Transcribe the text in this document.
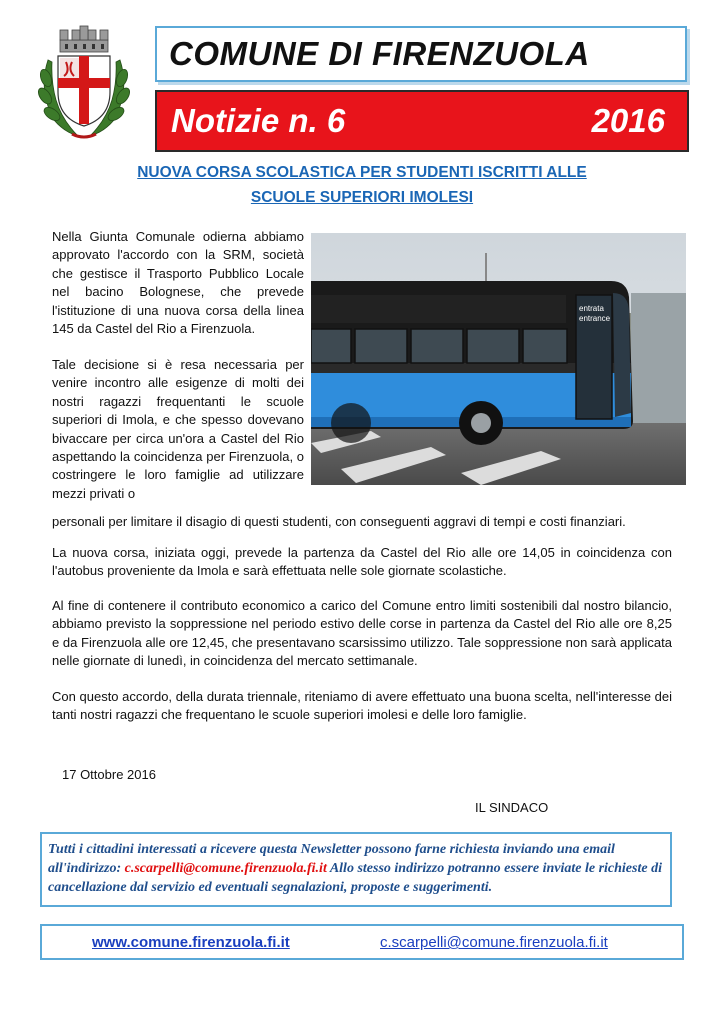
COMUNE DI FIRENZUOLA
Notizie n. 6	2016
NUOVA CORSA SCOLASTICA PER STUDENTI ISCRITTI ALLE
SCUOLE SUPERIORI IMOLESI
entrata
entrance
Nella Giunta Comunale odierna abbiamo approvato l'accordo con la SRM, società che gestisce il Trasporto Pubblico Locale nel bacino Bolognese, che prevede l'istituzione di una nuova corsa della linea 145 da Castel del Rio a Firenzuola.
Tale decisione si è resa necessaria per venire incontro alle esigenze di molti dei nostri ragazzi frequentanti le scuole superiori di Imola, e che spesso dovevano bivaccare per circa un'ora a Castel del Rio aspettando la coincidenza per Firenzuola, o costringere le loro famiglie ad utilizzare mezzi privati o
personali per limitare il disagio di questi studenti, con conseguenti aggravi di tempi e costi finanziari.
La nuova corsa, iniziata oggi, prevede la partenza da Castel del Rio alle ore 14,05 in coincidenza con l'autobus proveniente da Imola e sarà effettuata nelle sole giornate scolastiche.
Al fine di contenere il contributo economico a carico del Comune entro limiti sostenibili dal nostro bilancio, abbiamo previsto la soppressione nel periodo estivo delle corse in partenza da Castel del Rio alle ore 8,25 e da Firenzuola alle ore 12,45, che presentavano scarsissimo utilizzo. Tale soppressione non sarà applicata nelle giornate di lunedì, in coincidenza del mercato settimanale.
Con questo accordo, della durata triennale, riteniamo di avere effettuato una buona scelta, nell'interesse dei tanti nostri ragazzi che frequentano le scuole superiori imolesi e delle loro famiglie.
17 Ottobre 2016
IL SINDACO
Tutti i cittadini interessati a ricevere questa Newsletter possono farne richiesta inviando una email all'indirizzo: c.scarpelli@comune.firenzuola.fi.it Allo stesso indirizzo potranno essere inviate le richieste di cancellazione dal servizio ed eventuali segnalazioni, proposte e suggerimenti.
www.comune.firenzuola.fi.it	c.scarpelli@comune.firenzuola.fi.it
